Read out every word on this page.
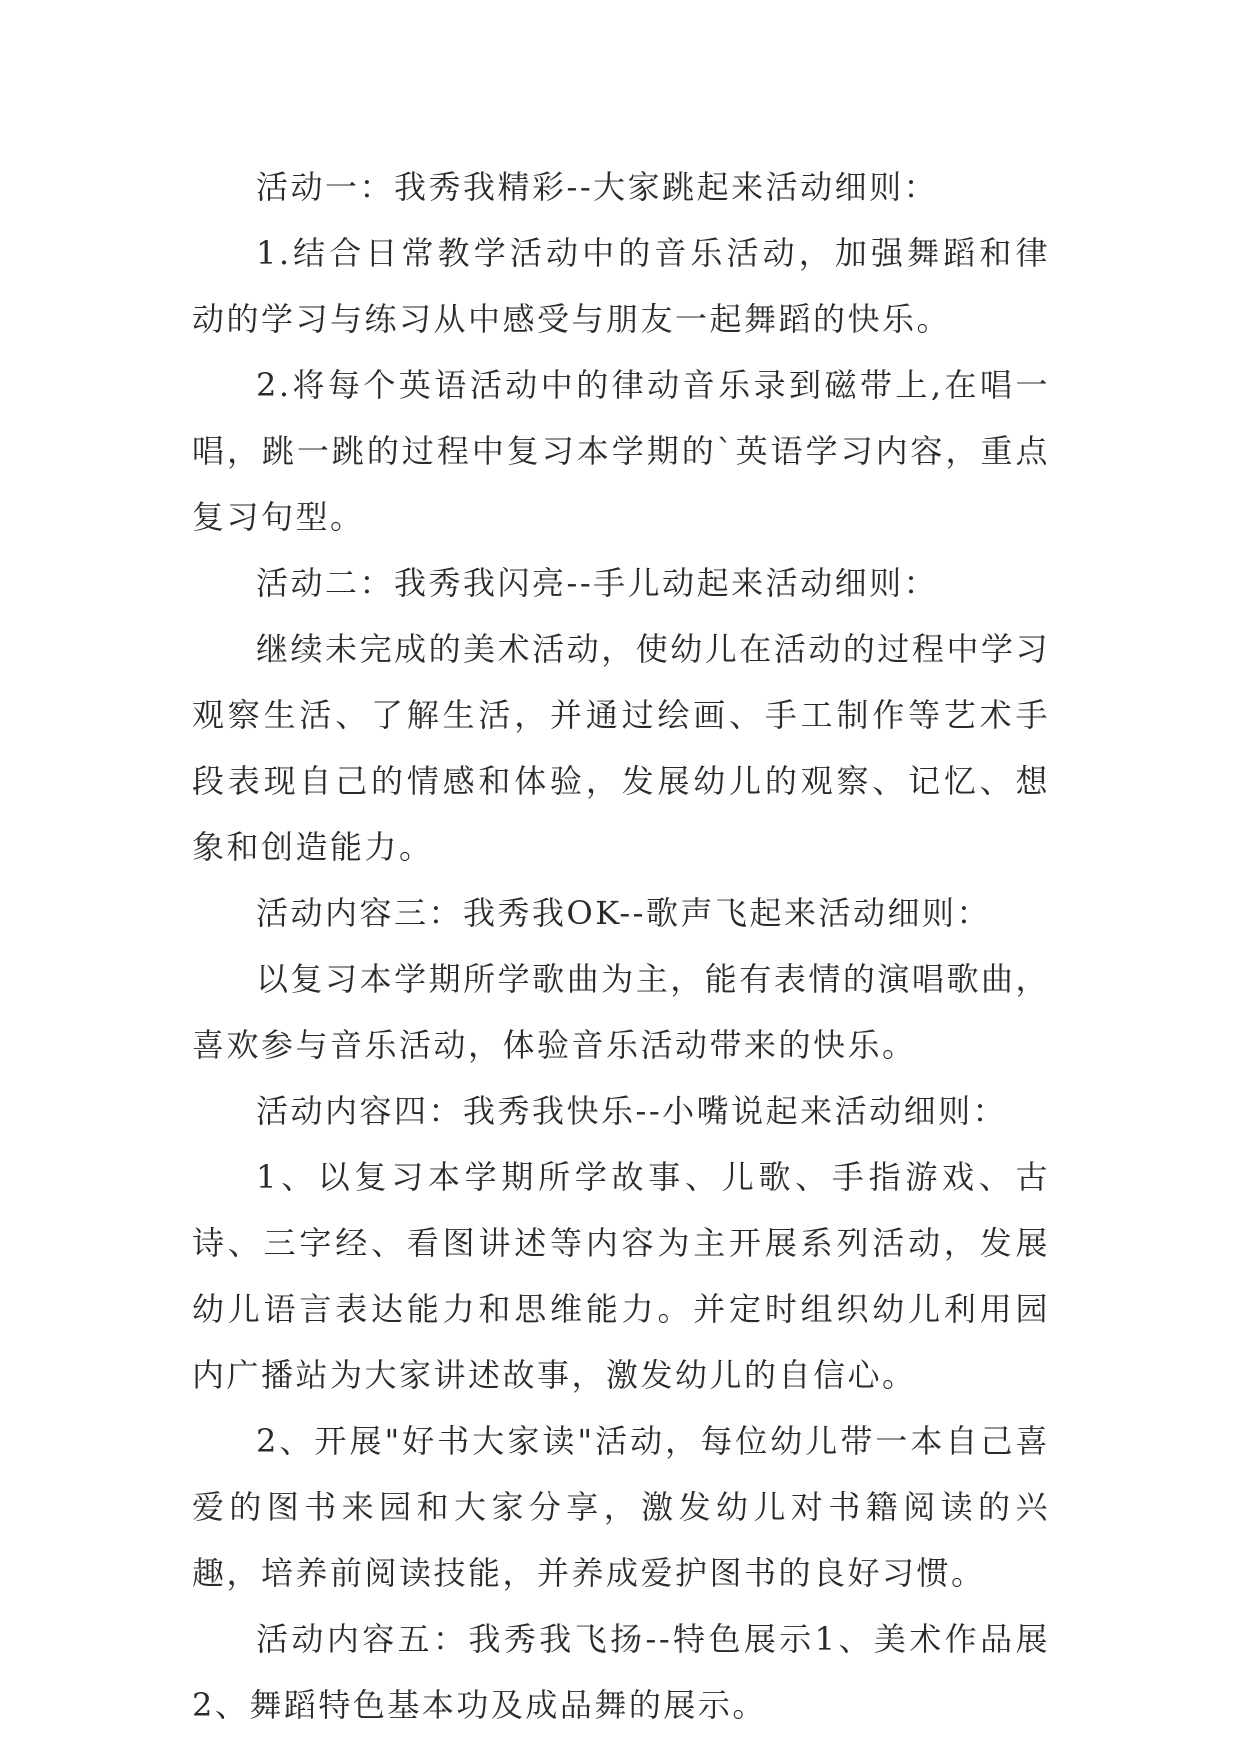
活动一：我秀我精彩--大家跳起来活动细则：

1.结合日常教学活动中的音乐活动，加强舞蹈和律动的学习与练习从中感受与朋友一起舞蹈的快乐。

2.将每个英语活动中的律动音乐录到磁带上,在唱一唱，跳一跳的过程中复习本学期的`英语学习内容，重点复习句型。

活动二：我秀我闪亮--手儿动起来活动细则：

继续未完成的美术活动，使幼儿在活动的过程中学习观察生活、了解生活，并通过绘画、手工制作等艺术手段表现自己的情感和体验，发展幼儿的观察、记忆、想象和创造能力。

活动内容三：我秀我OK--歌声飞起来活动细则：

以复习本学期所学歌曲为主，能有表情的演唱歌曲，喜欢参与音乐活动，体验音乐活动带来的快乐。

活动内容四：我秀我快乐--小嘴说起来活动细则：

1、以复习本学期所学故事、儿歌、手指游戏、古诗、三字经、看图讲述等内容为主开展系列活动，发展幼儿语言表达能力和思维能力。并定时组织幼儿利用园内广播站为大家讲述故事，激发幼儿的自信心。

2、开展"好书大家读"活动，每位幼儿带一本自己喜爱的图书来园和大家分享，激发幼儿对书籍阅读的兴趣，培养前阅读技能，并养成爱护图书的良好习惯。

活动内容五：我秀我飞扬--特色展示1、美术作品展2、舞蹈特色基本功及成品舞的展示。
